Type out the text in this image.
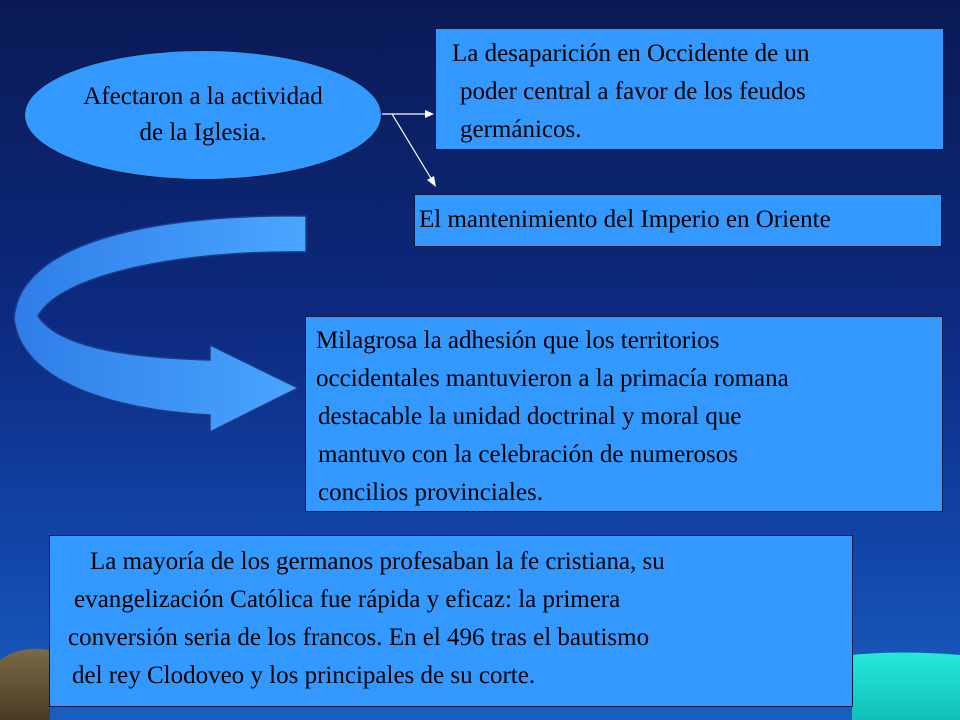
Afectaron a la actividad
de la Iglesia.
La desaparición en Occidente de un
poder central a favor de los feudos
germánicos.
El mantenimiento del Imperio en Oriente
Milagrosa la adhesión que los territorios
occidentales mantuvieron a la primacía romana
destacable la unidad doctrinal y moral que
mantuvo con la celebración de numerosos
concilios provinciales.
La mayoría de los germanos profesaban la fe cristiana, su
evangelización Católica fue rápida y eficaz: la primera
conversión seria de los francos. En el 496 tras el bautismo
del rey Clodoveo y los principales de su corte.
